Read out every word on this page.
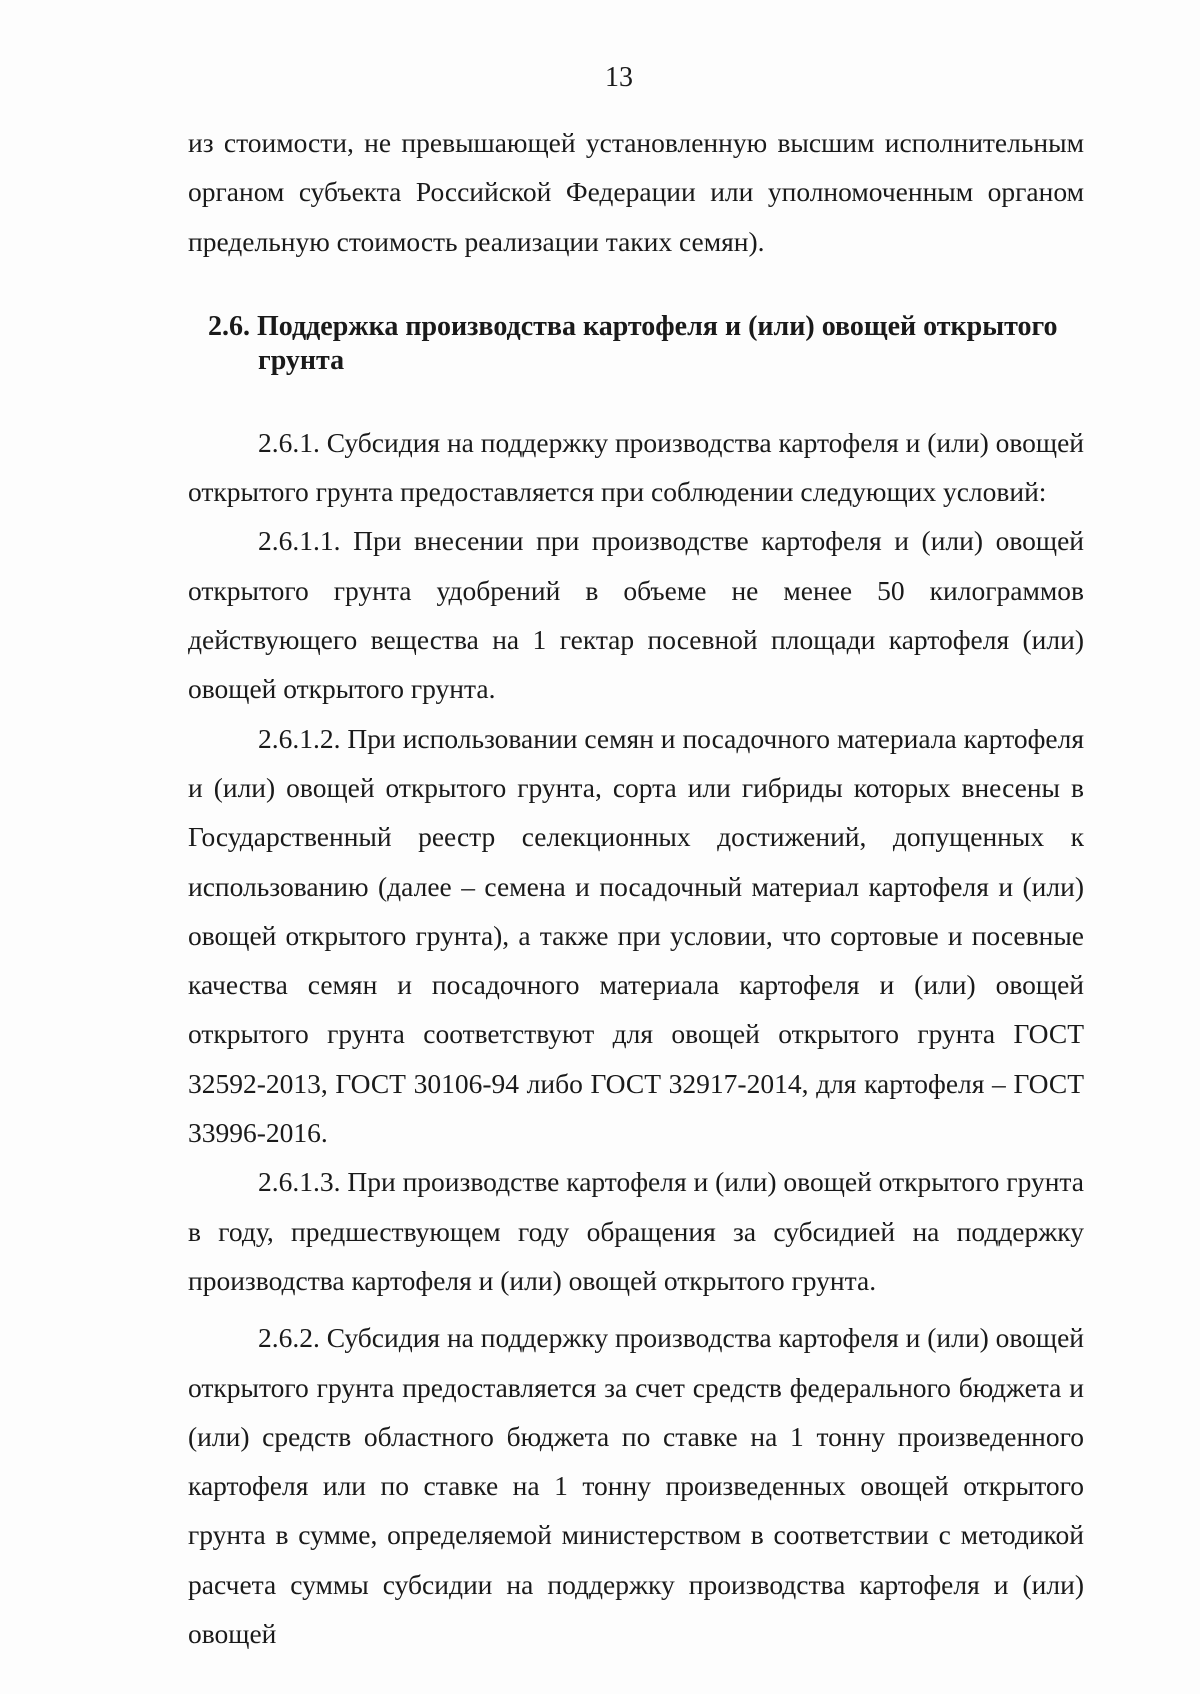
13

из стоимости, не превышающей установленную высшим исполнительным органом субъекта Российской Федерации или уполномоченным органом предельную стоимость реализации таких семян).

2.6. Поддержка производства картофеля и (или) овощей открытого грунта

2.6.1. Субсидия на поддержку производства картофеля и (или) овощей открытого грунта предоставляется при соблюдении следующих условий:

2.6.1.1. При внесении при производстве картофеля и (или) овощей открытого грунта удобрений в объеме не менее 50 килограммов действующего вещества на 1 гектар посевной площади картофеля (или) овощей открытого грунта.

2.6.1.2. При использовании семян и посадочного материала картофеля и (или) овощей открытого грунта, сорта или гибриды которых внесены в Государственный реестр селекционных достижений, допущенных к использованию (далее – семена и посадочный материал картофеля и (или) овощей открытого грунта), а также при условии, что сортовые и посевные качества семян и посадочного материала картофеля и (или) овощей открытого грунта соответствуют для овощей открытого грунта ГОСТ 32592-2013, ГОСТ 30106-94 либо ГОСТ 32917-2014, для картофеля – ГОСТ 33996-2016.

2.6.1.3. При производстве картофеля и (или) овощей открытого грунта в году, предшествующем году обращения за субсидией на поддержку производства картофеля и (или) овощей открытого грунта.

2.6.2. Субсидия на поддержку производства картофеля и (или) овощей открытого грунта предоставляется за счет средств федерального бюджета и (или) средств областного бюджета по ставке на 1 тонну произведенного картофеля или по ставке на 1 тонну произведенных овощей открытого грунта в сумме, определяемой министерством в соответствии с методикой расчета суммы субсидии на поддержку производства картофеля и (или) овощей
